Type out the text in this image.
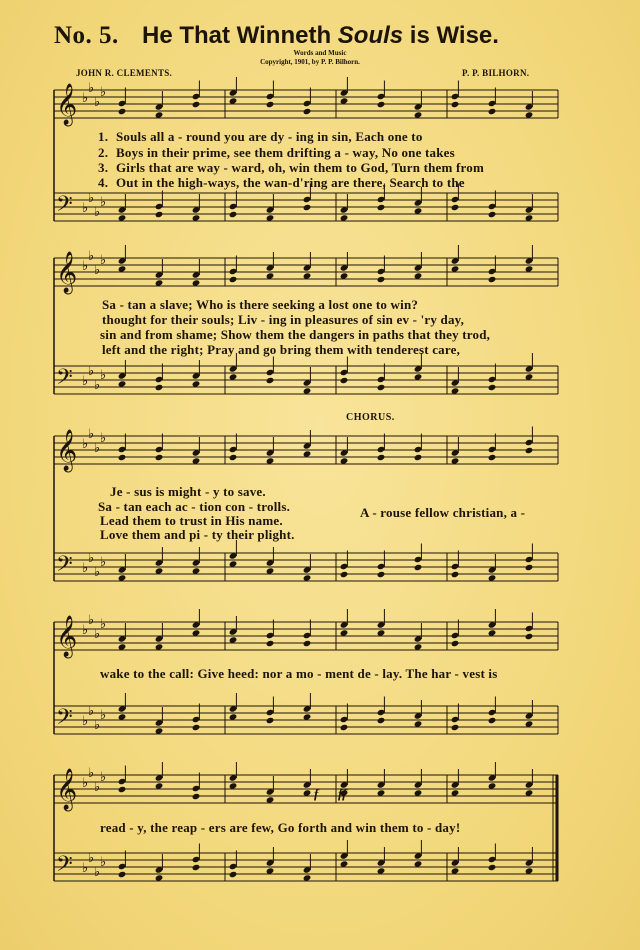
No. 5. He That Winneth Souls is Wise.
Words and Music
Copyright, 1901, by P. P. Bilhorn.
JOHN R. CLEMENTS.	P. P. BILHORN.
𝄞 ♭
♭
♭
♭
𝄢 ♭
♭
♭
♭
𝄞 ♭
♭
♭
♭
𝄢 ♭
♭
♭
♭
𝄞 ♭
♭
♭
♭
𝄢 ♭
♭
♭
♭
𝄞 ♭
♭
♭
♭
𝄢 ♭
♭
♭
♭
𝄞 ♭
♭
♭
♭
𝄢 ♭
♭
♭
♭
1. Souls all a - round you are dy - ing in sin, Each one to
2. Boys in their prime, see them drifting a - way, No one takes
3. Girls that are way - ward, oh, win them to God, Turn them from
4. Out in the high-ways, the wan-d'ring are there, Search to the
Sa - tan a slave; Who is there seeking a lost one to win?
thought for their souls; Liv - ing in pleasures of sin ev - 'ry day,
sin and from shame; Show them the dangers in paths that they trod,
left and the right; Pray and go bring them with tenderest care,
CHORUS.
Je - sus is might - y to save.
Sa - tan each ac - tion con - trolls.
Lead them to trust in His name.
Love them and pi - ty their plight.
A - rouse fellow christian, a -
wake to the call: Give heed: nor a mo - ment de - lay. The har - vest is
f ff
read - y, the reap - ers are few, Go forth and win them to - day!
